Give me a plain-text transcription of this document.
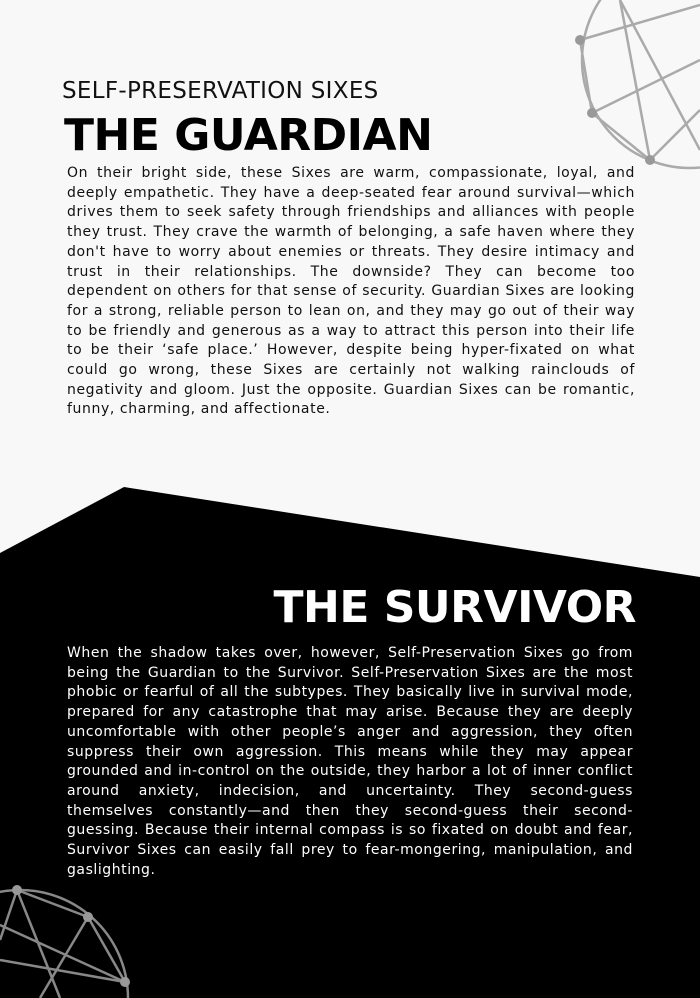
SELF-PRESERVATION SIXES
THE GUARDIAN

On their bright side, these Sixes are warm, compassionate, loyal, and deeply empathetic. They have a deep-seated fear around survival—which drives them to seek safety through friendships and alliances with people they trust. They crave the warmth of belonging, a safe haven where they don't have to worry about enemies or threats. They desire intimacy and trust in their relationships. The downside? They can become too dependent on others for that sense of security. Guardian Sixes are looking for a strong, reliable person to lean on, and they may go out of their way to be friendly and generous as a way to attract this person into their life to be their ‘safe place.’ However, despite being hyper-fixated on what could go wrong, these Sixes are certainly not walking rainclouds of negativity and gloom. Just the opposite. Guardian Sixes can be romantic, funny, charming, and affectionate.

THE SURVIVOR

When the shadow takes over, however, Self-Preservation Sixes go from being the Guardian to the Survivor. Self-Preservation Sixes are the most phobic or fearful of all the subtypes. They basically live in survival mode, prepared for any catastrophe that may arise. Because they are deeply uncomfortable with other people’s anger and aggression, they often suppress their own aggression. This means while they may appear grounded and in-control on the outside, they harbor a lot of inner conflict around anxiety, indecision, and uncertainty. They second-guess themselves constantly—and then they second-guess their second-guessing. Because their internal compass is so fixated on doubt and fear, Survivor Sixes can easily fall prey to fear-mongering, manipulation, and gaslighting.
